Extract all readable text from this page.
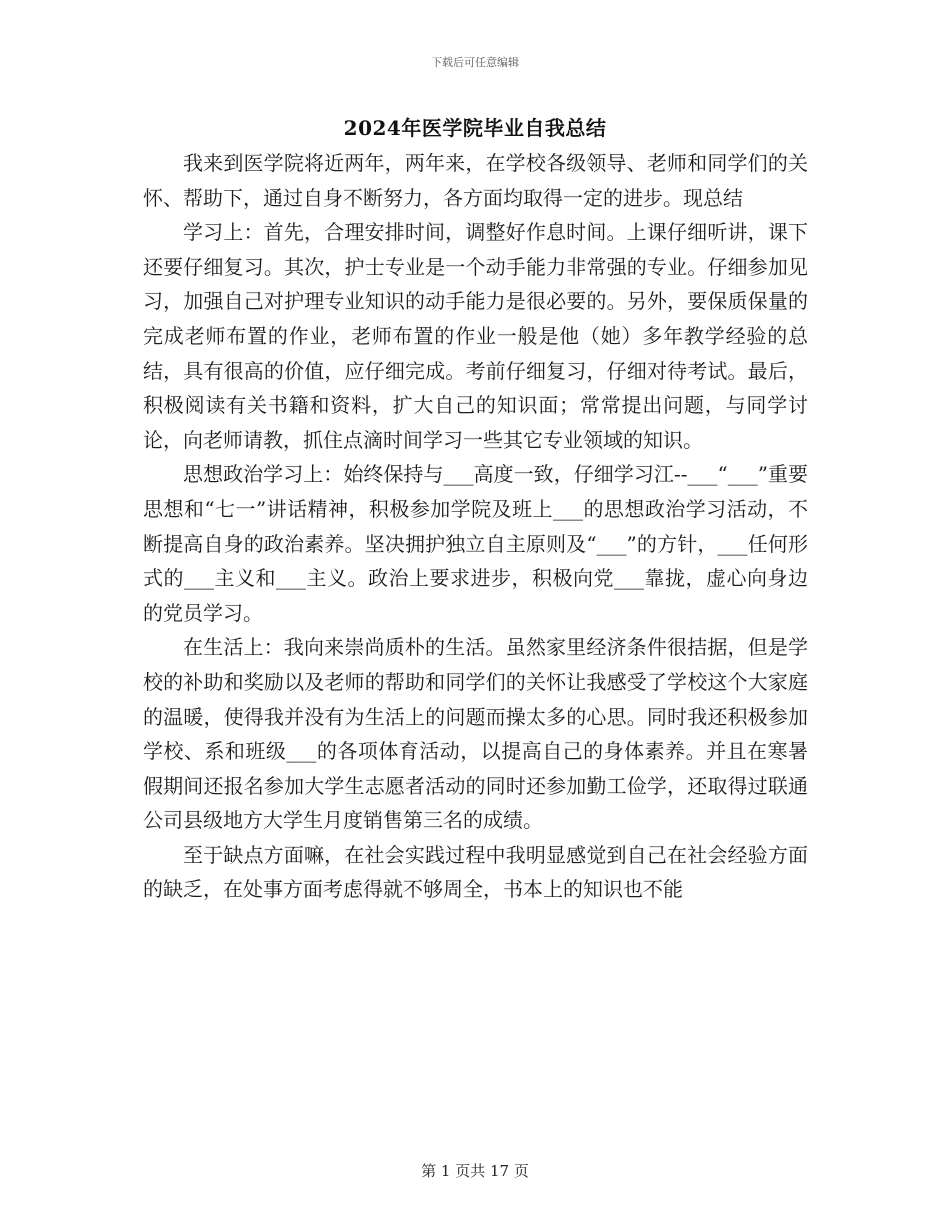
下载后可任意编辑
2024年医学院毕业自我总结

我来到医学院将近两年，两年来，在学校各级领导、老师和同学们的关怀、帮助下，通过自身不断努力，各方面均取得一定的进步。现总结

学习上：首先，合理安排时间，调整好作息时间。上课仔细听讲，课下还要仔细复习。其次，护士专业是一个动手能力非常强的专业。仔细参加见习，加强自己对护理专业知识的动手能力是很必要的。另外，要保质保量的完成老师布置的作业，老师布置的作业一般是他（她）多年教学经验的总结，具有很高的价值，应仔细完成。考前仔细复习，仔细对待考试。最后，积极阅读有关书籍和资料，扩大自己的知识面；常常提出问题，与同学讨论，向老师请教，抓住点滴时间学习一些其它专业领域的知识。

思想政治学习上：始终保持与___高度一致，仔细学习江--___“___”重要思想和“七一”讲话精神，积极参加学院及班上___的思想政治学习活动，不断提高自身的政治素养。坚决拥护独立自主原则及“___”的方针，___任何形式的___主义和___主义。政治上要求进步，积极向党___靠拢，虚心向身边的党员学习。

在生活上：我向来崇尚质朴的生活。虽然家里经济条件很拮据，但是学校的补助和奖励以及老师的帮助和同学们的关怀让我感受了学校这个大家庭的温暖，使得我并没有为生活上的问题而操太多的心思。同时我还积极参加学校、系和班级___的各项体育活动，以提高自己的身体素养。并且在寒暑假期间还报名参加大学生志愿者活动的同时还参加勤工俭学，还取得过联通公司县级地方大学生月度销售第三名的成绩。

至于缺点方面嘛，在社会实践过程中我明显感觉到自己在社会经验方面的缺乏，在处事方面考虑得就不够周全，书本上的知识也不能

第 1 页共 17 页
